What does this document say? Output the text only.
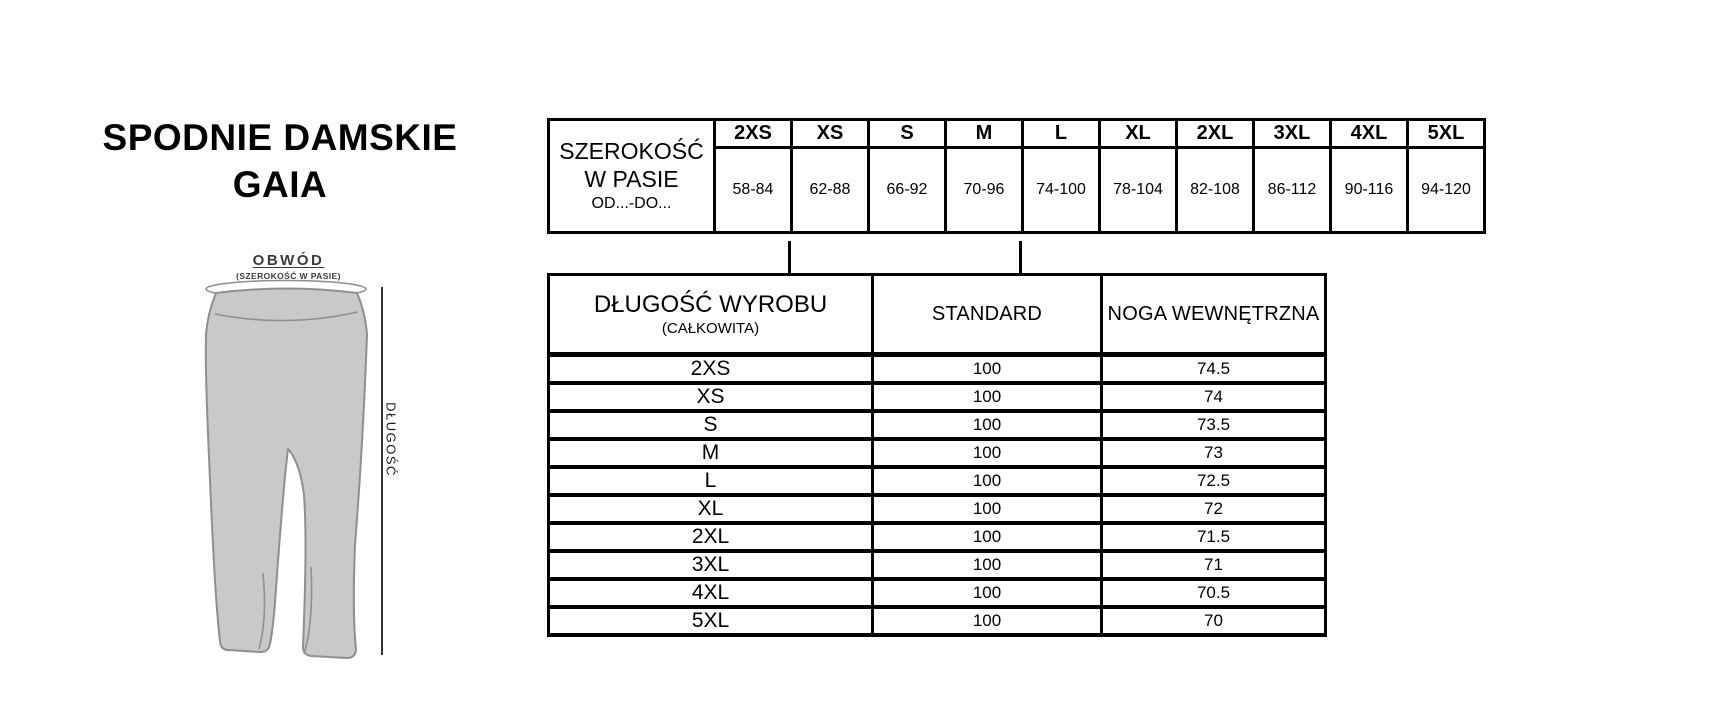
SPODNIE DAMSKIE
GAIA
OBWÓD
(SZEROKOŚĆ W PASIE)
DŁUGOŚĆ
SZEROKOŚĆ W PASIE
OD...-DO...	2XS	XS	S	M	L	XL	2XL	3XL	4XL	5XL
	58-84	62-88	66-92	70-96	74-100	78-104	82-108	86-112	90-116	94-120
DŁUGOŚĆ WYROBU
(CAŁKOWITA)	STANDARD	NOGA WEWNĘTRZNA
2XS	100	74.5
XS	100	74
S	100	73.5
M	100	73
L	100	72.5
XL	100	72
2XL	100	71.5
3XL	100	71
4XL	100	70.5
5XL	100	70
